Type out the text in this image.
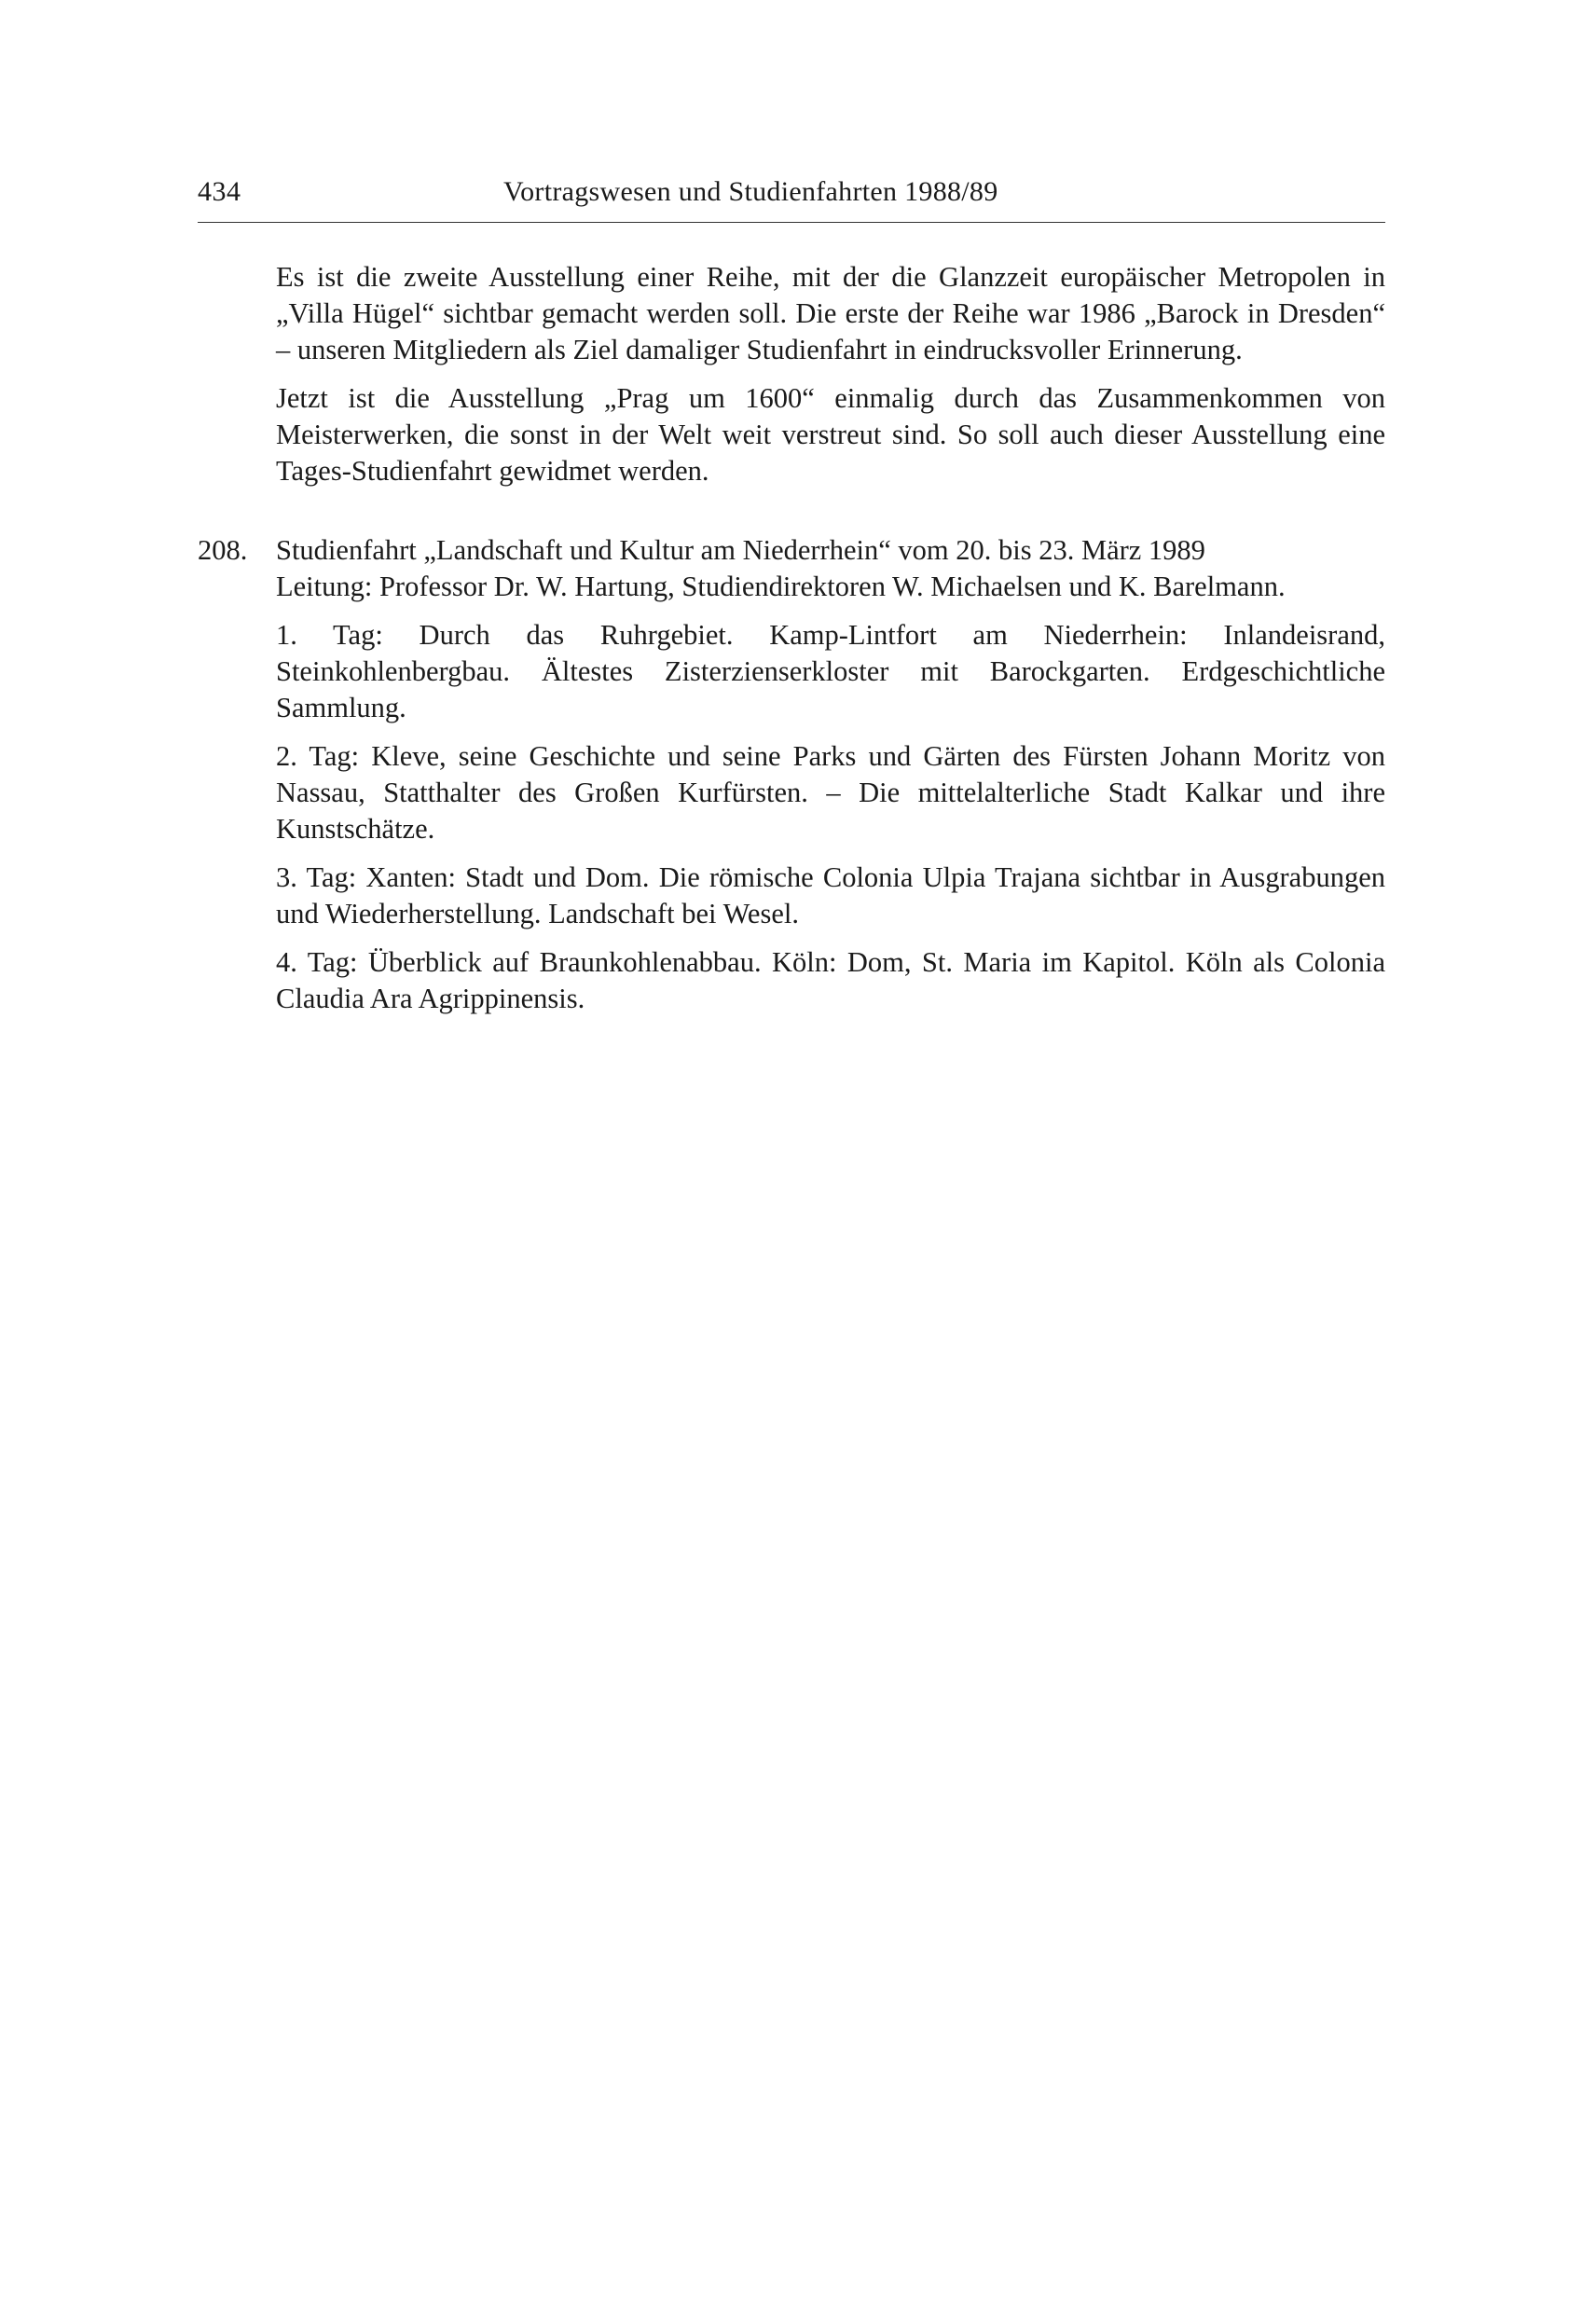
434	Vortragswesen und Studienfahrten 1988/89

Es ist die zweite Ausstellung einer Reihe, mit der die Glanzzeit europäischer Metropolen in „Villa Hügel“ sichtbar gemacht werden soll. Die erste der Reihe war 1986 „Barock in Dresden“ – unseren Mitgliedern als Ziel damaliger Studienfahrt in eindrucksvoller Erinnerung.

Jetzt ist die Ausstellung „Prag um 1600“ einmalig durch das Zusammenkommen von Meisterwerken, die sonst in der Welt weit verstreut sind. So soll auch dieser Ausstellung eine Tages-Studienfahrt gewidmet werden.

208.	Studienfahrt „Landschaft und Kultur am Niederrhein“ vom 20. bis 23. März 1989

Leitung: Professor Dr. W. Hartung, Studiendirektoren W. Michaelsen und K. Barelmann.

1. Tag: Durch das Ruhrgebiet. Kamp-Lintfort am Niederrhein: Inlandeisrand, Steinkohlenbergbau. Ältestes Zisterzienserkloster mit Barockgarten. Erdgeschichtliche Sammlung.

2. Tag: Kleve, seine Geschichte und seine Parks und Gärten des Fürsten Johann Moritz von Nassau, Statthalter des Großen Kurfürsten. – Die mittelalterliche Stadt Kalkar und ihre Kunstschätze.

3. Tag: Xanten: Stadt und Dom. Die römische Colonia Ulpia Trajana sichtbar in Ausgrabungen und Wiederherstellung. Landschaft bei Wesel.

4. Tag: Überblick auf Braunkohlenabbau. Köln: Dom, St. Maria im Kapitol. Köln als Colonia Claudia Ara Agrippinensis.
